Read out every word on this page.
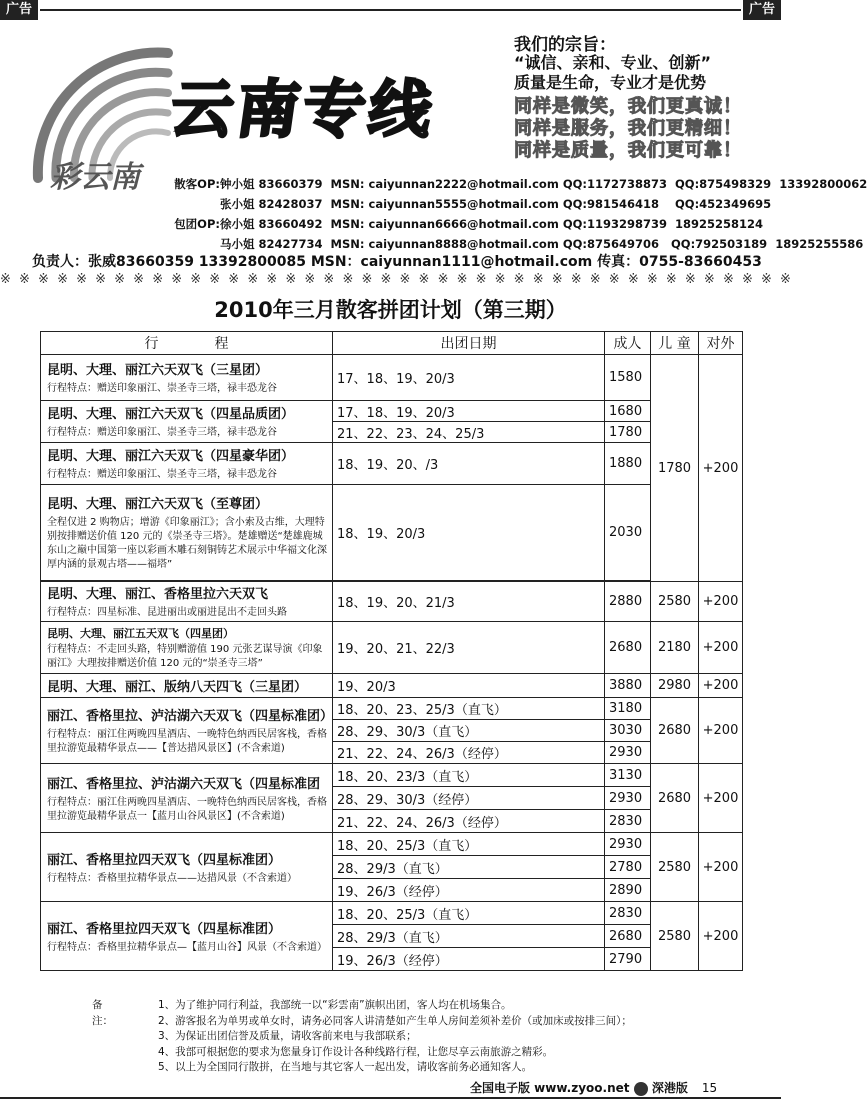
广告	广告
云南专线
彩云南
我们的宗旨：
“诚信、亲和、专业、创新”
质量是生命，专业才是优势
同样是微笑，我们更真诚！
同样是服务，我们更精细！
同样是质量，我们更可靠！
散客OP:钟小姐 83660379 MSN: caiyunnan2222@hotmail.com QQ:1172738873 QQ:875498329 13392800062
张小姐 82428037 MSN: caiyunnan5555@hotmail.com QQ:981546418 QQ:452349695
包团OP:徐小姐 83660492 MSN: caiyunnan6666@hotmail.com QQ:1193298739 18925258124
马小姐 82427734 MSN: caiyunnan8888@hotmail.com QQ:875649706 QQ:792503189 18925255586
负责人：张威83660359 13392800085 MSN：caiyunnan1111@hotmail.com 传真：0755-83660453
※ ※ ※ ※ ※ ※ ※ ※ ※ ※ ※ ※ ※ ※ ※ ※ ※ ※ ※ ※ ※ ※ ※ ※ ※ ※ ※ ※ ※ ※ ※ ※ ※ ※ ※ ※ ※ ※ ※ ※ ※ ※
2010年三月散客拼团计划（第三期）
行　　　　程	出团日期	成人	儿 童	对外

昆明、大理、丽江六天双飞（三星团）
行程特点：赠送印象丽江、崇圣寺三塔，禄丰恐龙谷	17、18、19、20/3	1580	1780	+200

昆明、大理、丽江六天双飞（四星品质团）
行程特点：赠送印象丽江、崇圣寺三塔，禄丰恐龙谷	17、18、19、20/3	1680		
	21、22、23、24、25/3	1780		

昆明、大理、丽江六天双飞（四星豪华团）
行程特点：赠送印象丽江、崇圣寺三塔，禄丰恐龙谷	18、19、20、/3	1880		

昆明、大理、丽江六天双飞（至尊团）
全程仅进 2 购物店；增游《印象丽江》；含小索及古维，大理特别按排赠送价值 120 元的《崇圣寺三塔》。楚雄赠送“楚雄鹿城东山之巅中国第一座以彩画木雕石刻铜铸艺术展示中华福文化深厚内涵的景观古塔——福塔”	18、19、20/3	2030		

昆明、大理、丽江、香格里拉六天双飞
行程特点：四星标准、昆进丽出或丽进昆出不走回头路	18、19、20、21/3	2880	2580	+200

昆明、大理、丽江五天双飞（四星团）
行程特点：不走回头路，特别赠游值 190 元张艺谋导演《印象丽江》大理按排赠送价值 120 元的“崇圣寺三塔”	19、20、21、22/3	2680	2180	+200

昆明、大理、丽江、版纳八天四飞（三星团）	19、20/3	3880	2980	+200

丽江、香格里拉、泸沽湖六天双飞（四星标准团）
行程特点：丽江住两晚四星酒店、一晚特色纳西民居客栈，香格里拉游览最精华景点——【普达措风景区】(不含索道)	18、20、23、25/3（直飞）	3180	2680	+200
	28、29、30/3（直飞）	3030		
	21、22、24、26/3（经停）	2930		

丽江、香格里拉、泸沽湖六天双飞（四星标准团
行程特点：丽江住两晚四星酒店、一晚特色纳西民居客栈，香格里拉游览最精华景点一【蓝月山谷风景区】(不含索道)	18、20、23/3（直飞）	3130	2680	+200
	28、29、30/3（经停）	2930		
	21、22、24、26/3（经停）	2830		

丽江、香格里拉四天双飞（四星标准团）
行程特点：香格里拉精华景点——达措风景（不含索道）	18、20、25/3（直飞）	2930	2580	+200
	28、29/3（直飞）	2780		
	19、26/3（经停）	2890		

丽江、香格里拉四天双飞（四星标准团）
行程特点：香格里拉精华景点—【蓝月山谷】风景（不含索道）	18、20、25/3（直飞）	2830	2580	+200
	28、29/3（直飞）	2680		
	19、26/3（经停）	2790		
备　　注：
1、为了维护同行利益，我部统一以“彩雲南”旗帜出团，客人均在机场集合。
2、游客报名为单男或单女时，请务必同客人讲清楚如产生单人房间差须补差价（或加床或按排三间）；
3、为保证出团信誉及质量，请收客前来电与我部联系；
4、我部可根据您的要求为您量身订作设计各种线路行程，让您尽享云南旅游之精彩。
5、以上为全国同行散拼，在当地与其它客人一起出发，请收客前务必通知客人。
全国电子版 www.zyoo.net 深港版 15
